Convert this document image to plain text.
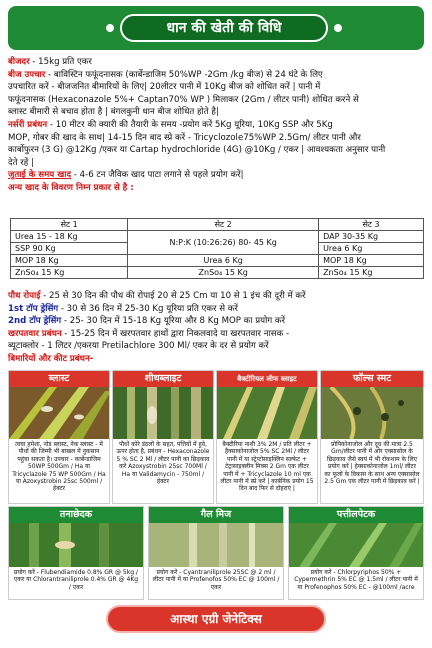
धान की खेती की विधि
बीजदर - 15kg प्रति एकर
बीज उपचार - बाविस्टिन फफूंदनासक (कार्बेन्डाजिम 50%WP -2Gm /kg बीज) से 24 घंटे के लिए
उपचारित करें - बीजजनित बीमारियों के लिए| 20लीटर पानी में 10Kg बीज को शोधित करें | पानी में
फफूंदनासक (Hexaconazole 5%+ Captan70% WP ) मिलाकर (2Gm / लीटर पानी) शोधित करने से
ब्लास्ट बीमारी से बचाव होता है | बंगलकुनी धान बीज शोधित होते है|
नर्सरी प्रबंधन - 10 मीटर की क्यारी की तैयारी के समय -प्रयोग करें 5Kg यूरिया, 10Kg SSP और 5Kg
MOP, गोबर की खाद के साथ| 14-15 दिन बाद स्प्रे करें - Tricyclozole75%WP 2.5Gm/ लीटर पानी और
कार्बोफुरन (3 G) @12Kg /एकर या Cartap hydrochloride (4G) @10Kg / एकर | आवश्यकता अनुसार पानी
देते रहें |
जुताई के समय खाद - 4-6 टन जैविक खाद पाटा लगाने से पहले प्रयोग करें|
अन्य खाद के विवरण निम्न प्रकार से है :
सेट 1	सेट 2	सेट 3
Urea 15 - 18 Kg	N:P:K (10:26:26) 80- 45 Kg	DAP 30-35 Kg
SSP 90 Kg		Urea 6 Kg
MOP 18 Kg	Urea 6 Kg	MOP 18 Kg
ZnSo₄ 15 Kg	ZnSo₄ 15 Kg	ZnSo₄ 15 Kg
पौध रोपाई - 25 से 30 दिन की पौध की रोपाई 20 से 25 Cm या 10 से 1 इंच की दूरी में करें
1st टॉप ड्रेसिंग - 30 से 36 दिन में 25-30 Kg यूरिया प्रति एकर से करें
2nd टॉप ड्रेसिंग - 25- 30 दिन में 15-18 Kg यूरिया और 8 Kg MOP का प्रयोग करें
खरपतवार प्रबंधन - 15-25 दिन में खरपतवार हाथों द्वारा निकलवादे या खरपतवार नासक -
ब्यूटाक्लोर - 1 लिटर /एकरया Pretilachlore 300 Ml/ एकर के दर से प्रयोग करें
बिमारियों और कीट प्रबंधन-
ब्लास्ट
त्वचा हमेशा, नोड ब्लास्ट, नेक ब्लास्ट - में पौधों की जिम्मी भी बाखल में नुकसान पहुंचा सकता है। उपचार - कार्बेन्डाजिम 50WP 500Gm / Ha या Tricyclazole 75 WP 500Gm / Ha या Azoxystrobin 25sc 500ml / हेक्टर
शीथब्लाइट
पौधों कोरे डंठलों के सहत, पत्तियों में हुवे, ऊपर होता है, प्रबंधन - Hexaconazole 5 % SC 2 Ml / लीटर पानी का छिड़काव करें Azoxystrobin 25sc 700Ml / Ha या Validamycin - 750ml / हेक्टर
बैक्टीरियल लीफ ब्लाइट
बैक्टीरिया नाशी 3% 2M / प्रति लीटर + हैक्साकोनाजोल 5% SC 2Ml / लीटर पानी में या स्ट्रेप्टोसाइक्लिन सल्फेट + टेट्रासाइक्लीन मिक्स 2 Gm एक लीटर पानी में + Tricyclazole 10 ml एक लीटर पानी में स्प्रे करें | कार्बनिक प्रयोग 15 दिन बाद फिर से दोहराएं |
फॉल्स स्मट
प्रोपिकोनाजोल और दूध की मात्रा 2.5 Gm/लीटर पानी में ओर एक्सासोल के छिड़काव जैसे स्वयं में भी रोकथाम के लिए प्रयोग करें | हेक्साकोनाजोल 1ml/ लीटर का फूलों के विकास के साथ अन्य एक्सासोल 2.5 Gm एक लीटर पानी में छिड़काव करें |
तनाछेदक
प्रयोग करें - Flubendiamide 0.8% GR @ 5kg / एकर या Chlorantraniliprole 0.4% GR @ 4Kg / एकर
गैल मिज
प्रयोग करें - Cyantraniliprole 25SC @ 2 ml / लीटर पानी में या Profenofos 50% EC @ 100ml / एकर
पत्तीलपेटक
प्रयोग करें - Chlorpyriphos 50% + Cypermethrin 5% EC @ 1.5ml / लीटर पानी में या Profenophos 50% EC - @100ml /acre
आस्था एग्री जेनेटिक्स
